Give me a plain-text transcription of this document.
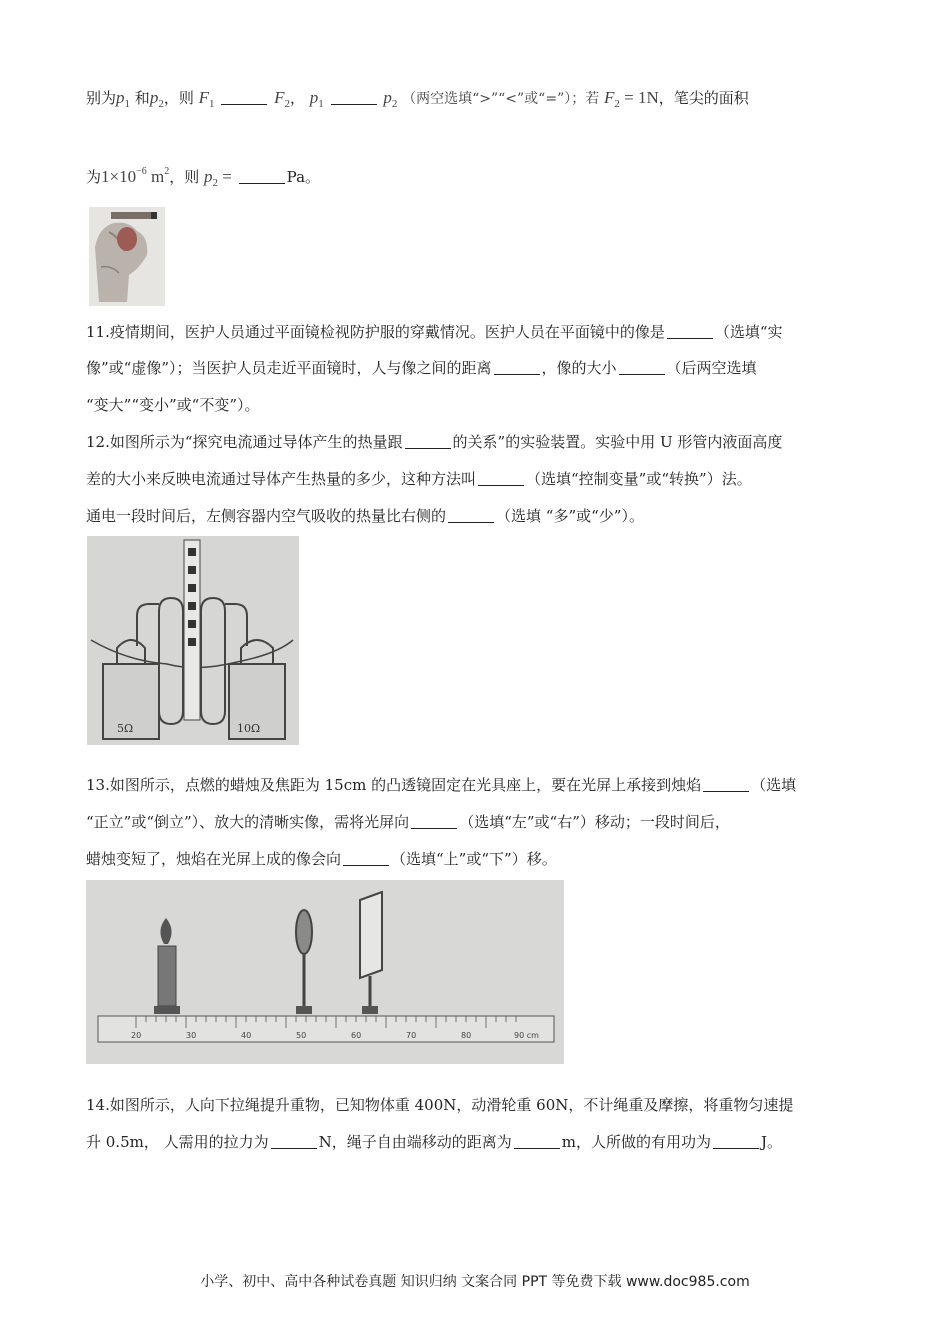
别为$p_1$ 和$p_2$，则 $F_1$	$F_2$， $p_1$	$p_2$ （两空选填“>”“<”或“=”）；若 $F_2 = 1N$，笔尖的面积
为$1\times 10^{-6}$ $m^2$，则 $p_2$ =	Pa。
11.疫情期间，医护人员通过平面镜检视防护服的穿戴情况。医护人员在平面镜中的像是	（选填“实
像”或“虚像”）；当医护人员走近平面镜时，人与像之间的距离	，像的大小	（后两空选填
“变大”“变小”或“不变”）。
12.如图所示为“探究电流通过导体产生的热量跟	的关系”的实验装置。实验中用 U 形管内液面高度
差的大小来反映电流通过导体产生热量的多少，这种方法叫	（选填“控制变量”或“转换”）法。
通电一段时间后，左侧容器内空气吸收的热量比右侧的	（选填 “多”或“少”）。
5Ω	10Ω
13.如图所示，点燃的蜡烛及焦距为 15cm 的凸透镜固定在光具座上，要在光屏上承接到烛焰	（选填
“正立”或“倒立”）、放大的清晰实像，需将光屏向	（选填“左”或“右”）移动；一段时间后，
蜡烛变短了，烛焰在光屏上成的像会向	（选填“上”或“下”）移。
20	30	40	50	60	70	80	90 cm
14.如图所示，人向下拉绳提升重物，已知物体重 400N，动滑轮重 60N，不计绳重及摩擦，将重物匀速提
升 0.5m， 人需用的拉力为	N，绳子自由端移动的距离为	m，人所做的有用功为	J。
小学、初中、高中各种试卷真题 知识归纳 文案合同 PPT 等免费下载 www.doc985.com
